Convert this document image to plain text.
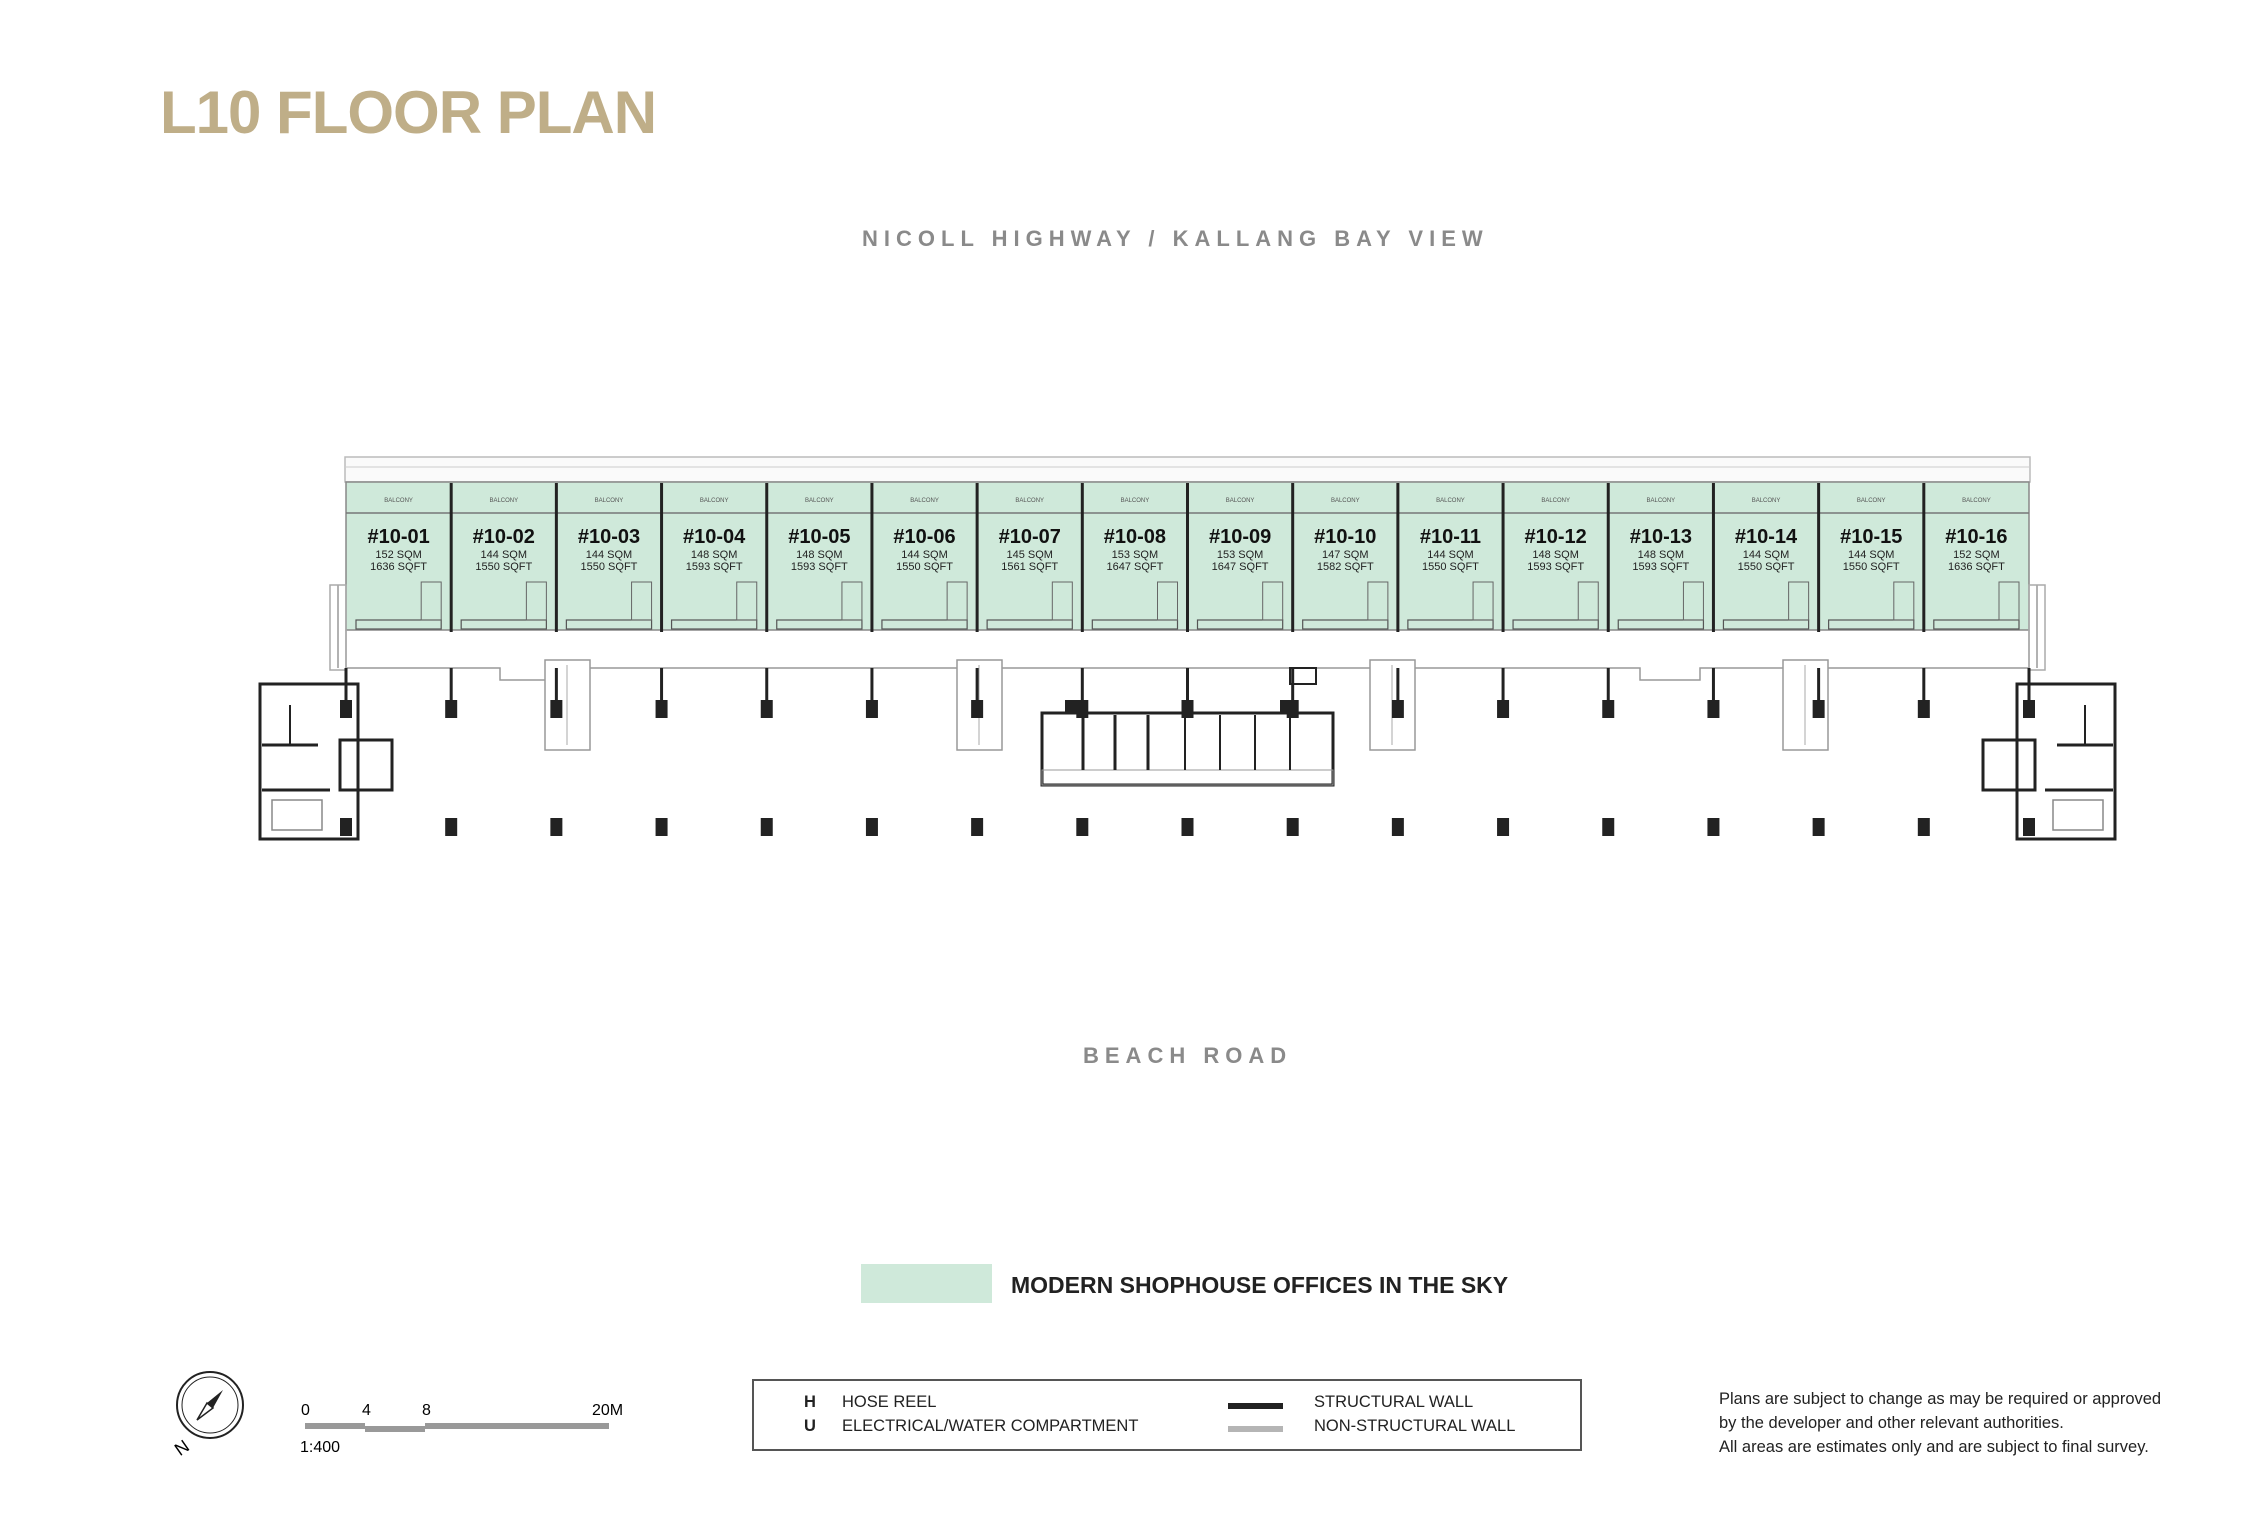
L10 FLOOR PLAN
NICOLL HIGHWAY / KALLANG BAY VIEW
BEACH ROAD
BALCONY
#10-01
152 SQM
1636 SQFT
BALCONY
#10-02
144 SQM
1550 SQFT
BALCONY
#10-03
144 SQM
1550 SQFT
BALCONY
#10-04
148 SQM
1593 SQFT
BALCONY
#10-05
148 SQM
1593 SQFT
BALCONY
#10-06
144 SQM
1550 SQFT
BALCONY
#10-07
145 SQM
1561 SQFT
BALCONY
#10-08
153 SQM
1647 SQFT
BALCONY
#10-09
153 SQM
1647 SQFT
BALCONY
#10-10
147 SQM
1582 SQFT
BALCONY
#10-11
144 SQM
1550 SQFT
BALCONY
#10-12
148 SQM
1593 SQFT
BALCONY
#10-13
148 SQM
1593 SQFT
BALCONY
#10-14
144 SQM
1550 SQFT
BALCONY
#10-15
144 SQM
1550 SQFT
BALCONY
#10-16
152 SQM
1636 SQFT
MODERN SHOPHOUSE OFFICES IN THE SKY
N
0	4	8	20M
1:400
H HOSE REEL
U ELECTRICAL/WATER COMPARTMENT
STRUCTURAL WALL
NON-STRUCTURAL WALL
Plans are subject to change as may be required or approved
by the developer and other relevant authorities.
All areas are estimates only and are subject to final survey.
